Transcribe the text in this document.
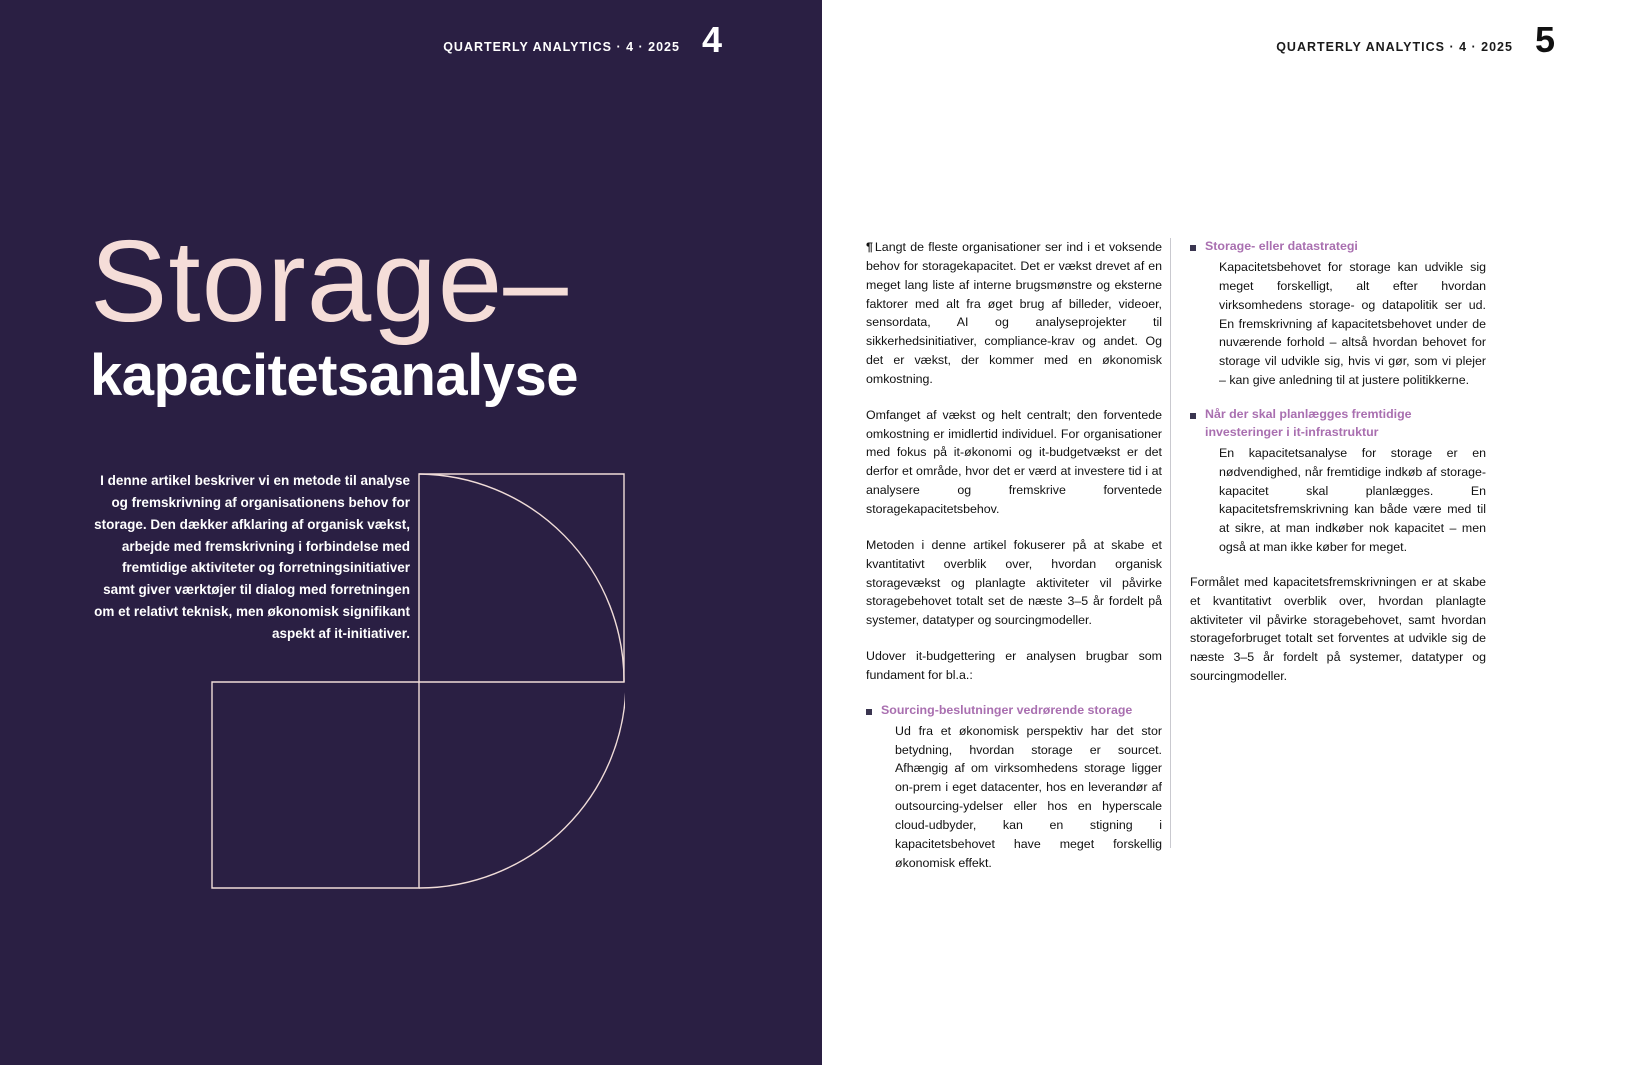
QUARTERLY ANALYTICS · 4 · 2025 4
Storage–
kapacitetsanalyse
I denne artikel beskriver vi en metode til analyse og fremskrivning af organisationens behov for storage. Den dækker afklaring af organisk vækst, arbejde med fremskrivning i forbindelse med fremtidige aktiviteter og forretningsinitiativer samt giver værktøjer til dialog med forretningen om et relativt teknisk, men økonomisk signifikant aspekt af it-initiativer.
QUARTERLY ANALYTICS · 4 · 2025 5

¶ Langt de fleste organisationer ser ind i et voksende behov for storagekapacitet. Det er vækst drevet af en meget lang liste af interne brugsmønstre og eksterne faktorer med alt fra øget brug af billeder, videoer, sensordata, AI og analyseprojekter til sikkerhedsinitiativer, compliance-krav og andet. Og det er vækst, der kommer med en økonomisk omkostning.

Omfanget af vækst og helt centralt; den forventede omkostning er imidlertid individuel. For organisationer med fokus på it-økonomi og it-budgetvækst er det derfor et område, hvor det er værd at investere tid i at analysere og fremskrive forventede storagekapacitetsbehov.

Metoden i denne artikel fokuserer på at skabe et kvantitativt overblik over, hvordan organisk storagevækst og planlagte aktiviteter vil påvirke storagebehovet totalt set de næste 3–5 år fordelt på systemer, datatyper og sourcingmodeller.

Udover it-budgettering er analysen brugbar som fundament for bl.a.:

Sourcing-beslutninger vedrørende storage
Ud fra et økonomisk perspektiv har det stor betydning, hvordan storage er sourcet. Afhængig af om virksomhedens storage ligger on-prem i eget datacenter, hos en leverandør af outsourcing-ydelser eller hos en hyperscale cloud-udbyder, kan en stigning i kapacitetsbehovet have meget forskellig økonomisk effekt.
Storage- eller datastrategi
Kapacitetsbehovet for storage kan udvikle sig meget forskelligt, alt efter hvordan virksomhedens storage- og datapolitik ser ud. En fremskrivning af kapacitetsbehovet under de nuværende forhold – altså hvordan behovet for storage vil udvikle sig, hvis vi gør, som vi plejer – kan give anledning til at justere politikkerne.
Når der skal planlægges fremtidige investeringer i it-infrastruktur
En kapacitetsanalyse for storage er en nødvendighed, når fremtidige indkøb af storage-kapacitet skal planlægges. En kapacitetsfremskrivning kan både være med til at sikre, at man indkøber nok kapacitet – men også at man ikke køber for meget.

Formålet med kapacitetsfremskrivningen er at skabe et kvantitativt overblik over, hvordan planlagte aktiviteter vil påvirke storagebehovet, samt hvordan storageforbruget totalt set forventes at udvikle sig de næste 3–5 år fordelt på systemer, datatyper og sourcingmodeller.
